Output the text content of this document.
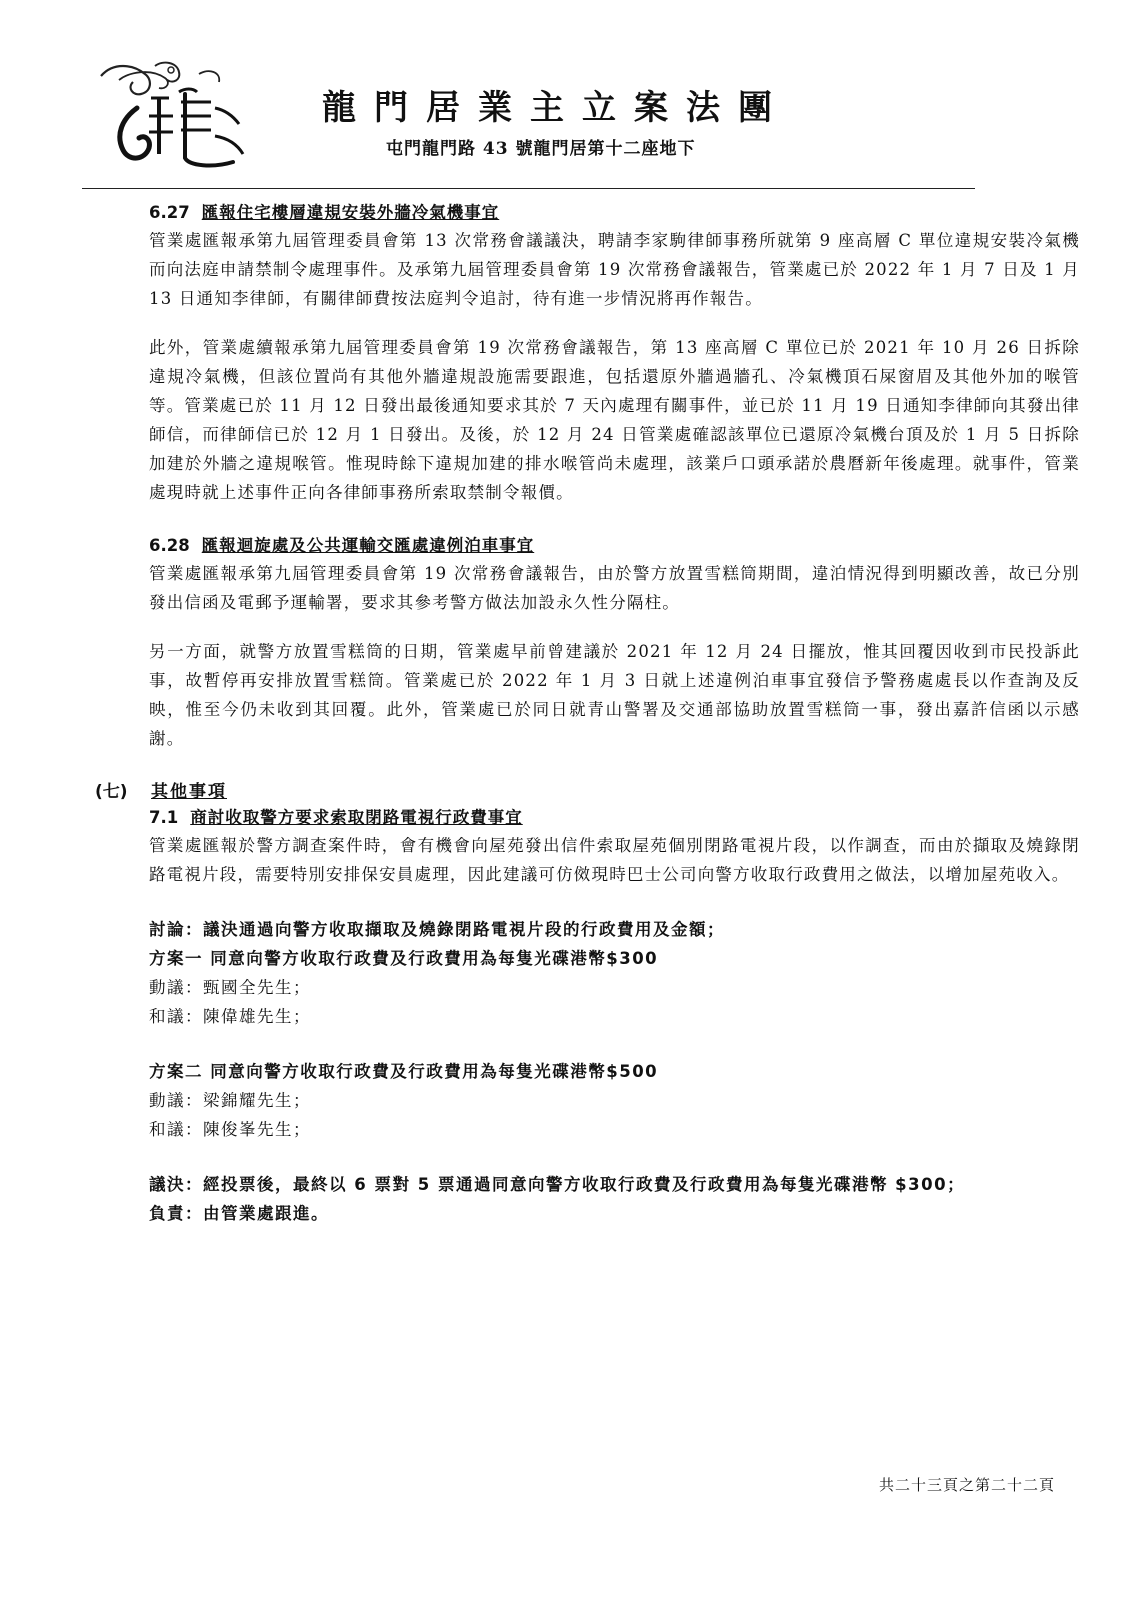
龍門居業主立案法團
屯門龍門路 43 號龍門居第十二座地下
6.27 匯報住宅樓層違規安裝外牆冷氣機事宜
管業處匯報承第九屆管理委員會第 13 次常務會議議決，聘請李家駒律師事務所就第 9 座高層 C 單位違規安裝冷氣機而向法庭申請禁制令處理事件。及承第九屆管理委員會第 19 次常務會議報告，管業處已於 2022 年 1 月 7 日及 1 月 13 日通知李律師，有關律師費按法庭判令追討，待有進一步情況將再作報告。
此外，管業處續報承第九屆管理委員會第 19 次常務會議報告，第 13 座高層 C 單位已於 2021 年 10 月 26 日拆除違規冷氣機，但該位置尚有其他外牆違規設施需要跟進，包括還原外牆過牆孔、冷氣機頂石屎窗眉及其他外加的喉管等。管業處已於 11 月 12 日發出最後通知要求其於 7 天內處理有關事件，並已於 11 月 19 日通知李律師向其發出律師信，而律師信已於 12 月 1 日發出。及後，於 12 月 24 日管業處確認該單位已還原冷氣機台頂及於 1 月 5 日拆除加建於外牆之違規喉管。惟現時餘下違規加建的排水喉管尚未處理，該業戶口頭承諾於農曆新年後處理。就事件，管業處現時就上述事件正向各律師事務所索取禁制令報價。
6.28 匯報迴旋處及公共運輸交匯處違例泊車事宜
管業處匯報承第九屆管理委員會第 19 次常務會議報告，由於警方放置雪糕筒期間，違泊情況得到明顯改善，故已分別發出信函及電郵予運輸署，要求其參考警方做法加設永久性分隔柱。
另一方面，就警方放置雪糕筒的日期，管業處早前曾建議於 2021 年 12 月 24 日擺放，惟其回覆因收到市民投訴此事，故暫停再安排放置雪糕筒。管業處已於 2022 年 1 月 3 日就上述違例泊車事宜發信予警務處處長以作查詢及反映，惟至今仍未收到其回覆。此外，管業處已於同日就青山警署及交通部協助放置雪糕筒一事，發出嘉許信函以示感謝。
(七) 其他事項
7.1 商討收取警方要求索取閉路電視行政費事宜
管業處匯報於警方調查案件時，會有機會向屋苑發出信件索取屋苑個別閉路電視片段，以作調查，而由於擷取及燒錄閉路電視片段，需要特別安排保安員處理，因此建議可仿傚現時巴士公司向警方收取行政費用之做法，以增加屋苑收入。
討論：議決通過向警方收取擷取及燒錄閉路電視片段的行政費用及金額；
方案一 同意向警方收取行政費及行政費用為每隻光碟港幣$300
動議：甄國全先生；
和議：陳偉雄先生；
方案二 同意向警方收取行政費及行政費用為每隻光碟港幣$500
動議：梁錦耀先生；
和議：陳俊峯先生；
議決： 經投票後，最終以 6 票對 5 票通過同意向警方收取行政費及行政費用為每隻光碟港幣 $300；
負責：由管業處跟進。
共二十三頁之第二十二頁
